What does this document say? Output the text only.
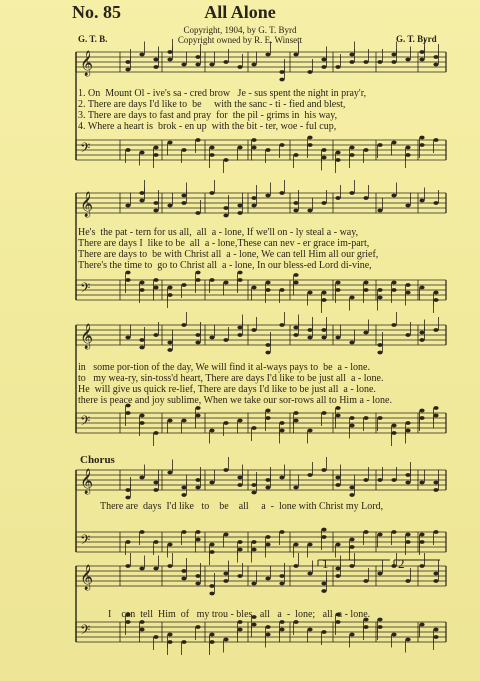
No. 85	All Alone
Copyright, 1904, by G. T. Byrd
Copyright owned by R. E. Winsett
G. T. B.	G. T. Byrd
𝄞
𝄢
𝄞
𝄢
𝄞
𝄢
𝄞
𝄢
𝄞
𝄢
1. On  Mount Ol - ive's sa - cred brow   Je - sus spent the night in pray'r,
2. There are days I'd like to  be     with the sanc - ti - fied and blest,
3. There are days to fast and pray  for  the pil - grims in  his way,
4. Where a heart is  brok - en up  with the bit - ter, woe - ful cup,
He's  the pat - tern for us all,  all  a - lone, If we'll on - ly steal a - way,
There are days I  like to be  all  a - lone,These can nev - er grace im-part,
There are days to  be with Christ all  a - lone, We can tell Him all our grief,
There's the time to  go to Christ all  a - lone, In our bless-ed Lord di-vine,
in   some por-tion of the day, We will find it al-ways pays to  be  a - lone.
to   my wea-ry, sin-toss'd heart, There are days I'd like to be just all  a - lone.
He  will give us quick re-lief, There are days I'd like to be just all  a - lone.
there is peace and joy sublime, When we take our sor-rows all to Him a - lone.
Chorus
There are  days  I'd like   to    be    all     a  -  lone with Christ my Lord,
I    can  tell  Him  of   my trou - bles   all   a  -  lone;   all  a - lone.
1	2
